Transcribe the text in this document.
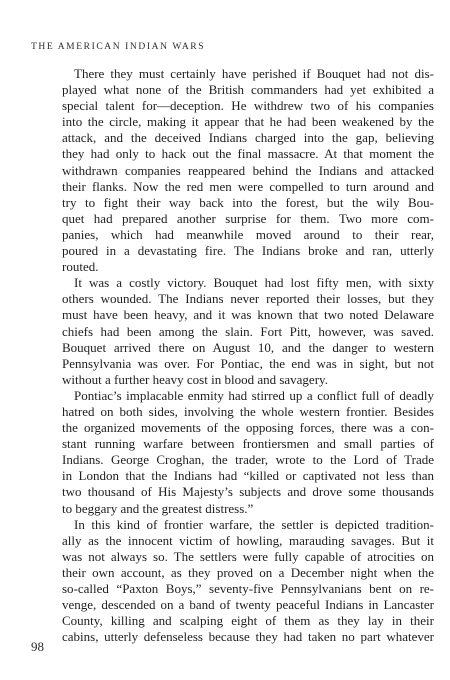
THE AMERICAN INDIAN WARS
There they must certainly have perished if Bouquet had not dis-
played what none of the British commanders had yet exhibited a
special talent for—deception. He withdrew two of his companies
into the circle, making it appear that he had been weakened by the
attack, and the deceived Indians charged into the gap, believing
they had only to hack out the final massacre. At that moment the
withdrawn companies reappeared behind the Indians and attacked
their flanks. Now the red men were compelled to turn around and
try to fight their way back into the forest, but the wily Bou-
quet had prepared another surprise for them. Two more com-
panies, which had meanwhile moved around to their rear,
poured in a devastating fire. The Indians broke and ran, utterly
routed.
It was a costly victory. Bouquet had lost fifty men, with sixty
others wounded. The Indians never reported their losses, but they
must have been heavy, and it was known that two noted Delaware
chiefs had been among the slain. Fort Pitt, however, was saved.
Bouquet arrived there on August 10, and the danger to western
Pennsylvania was over. For Pontiac, the end was in sight, but not
without a further heavy cost in blood and savagery.
Pontiac’s implacable enmity had stirred up a conflict full of deadly
hatred on both sides, involving the whole western frontier. Besides
the organized movements of the opposing forces, there was a con-
stant running warfare between frontiersmen and small parties of
Indians. George Croghan, the trader, wrote to the Lord of Trade
in London that the Indians had “killed or captivated not less than
two thousand of His Majesty’s subjects and drove some thousands
to beggary and the greatest distress.”
In this kind of frontier warfare, the settler is depicted tradition-
ally as the innocent victim of howling, marauding savages. But it
was not always so. The settlers were fully capable of atrocities on
their own account, as they proved on a December night when the
so-called “Paxton Boys,” seventy-five Pennsylvanians bent on re-
venge, descended on a band of twenty peaceful Indians in Lancaster
County, killing and scalping eight of them as they lay in their
cabins, utterly defenseless because they had taken no part whatever
98
